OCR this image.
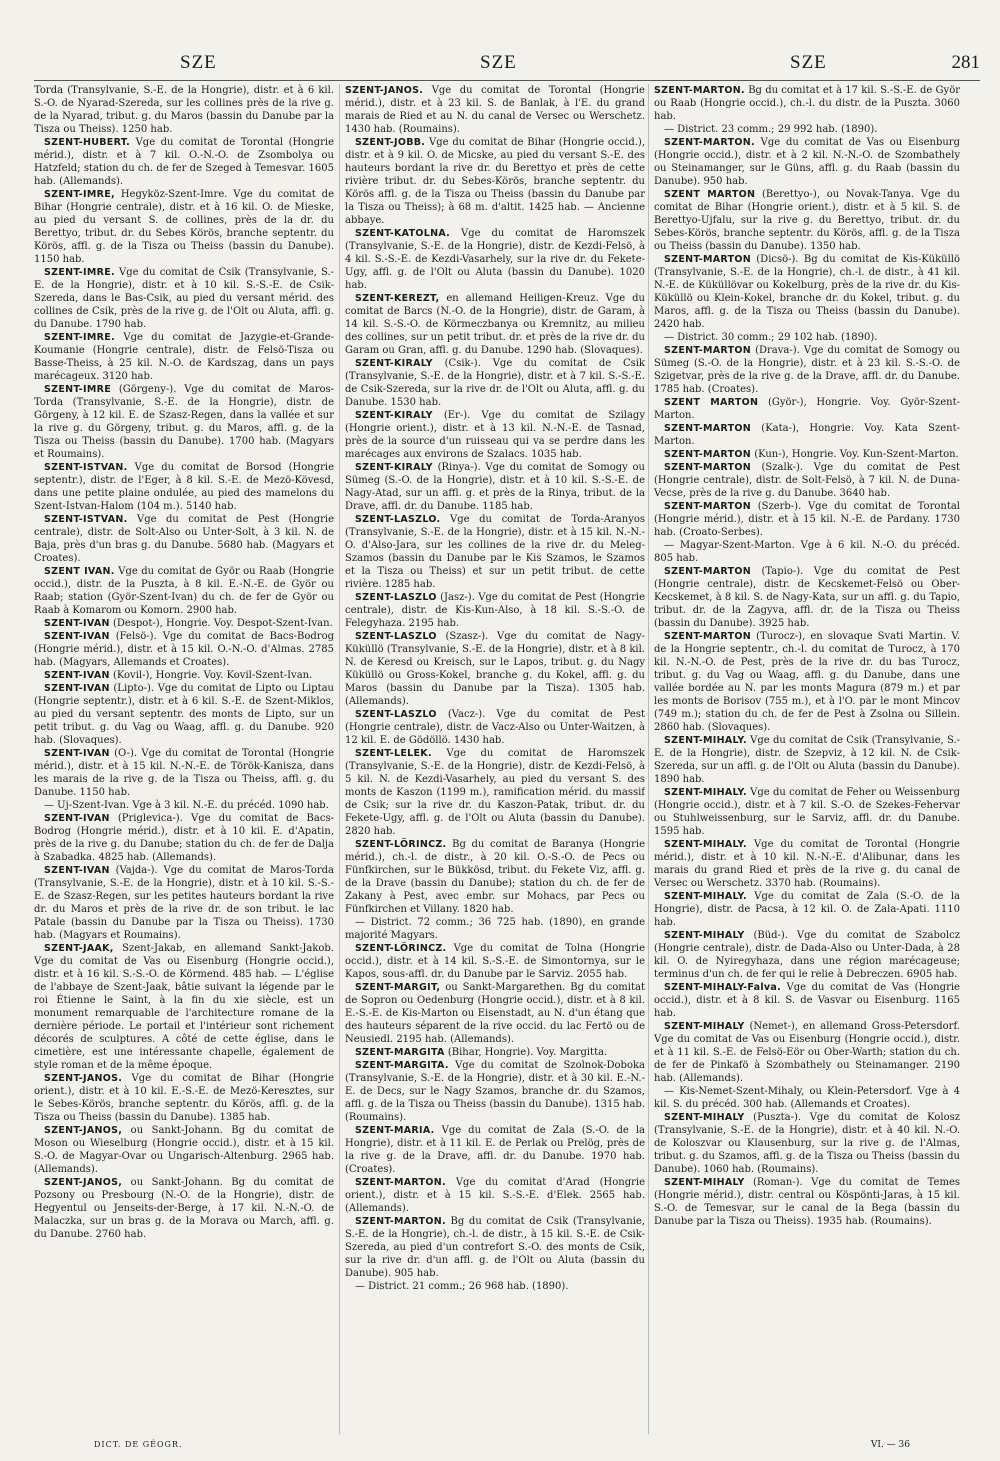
SZE	SZE	SZE	281

Torda (Transylvanie, S.-E. de la Hongrie), distr. et à 6 kil. S.-O. de Nyarad-Szereda, sur les collines près de la rive g. de la Nyarad, tribut. g. du Maros (bassin du Danube par la Tisza ou Theiss). 1250 hab.

SZENT-HUBERT. Vge du comitat de Torontal (Hongrie mérid.), distr. et à 7 kil. O.-N.-O. de Zsombolya ou Hatzfeld; station du ch. de fer de Szeged à Temesvar. 1605 hab. (Allemands).

SZENT-IMRE, Hegyköz-Szent-Imre. Vge du comitat de Bihar (Hongrie centrale), distr. et à 16 kil. O. de Mieske, au pied du versant S. de collines, près de la dr. du Berettyo, tribut. dr. du Sebes Körös, branche septentr. du Körös, affl. g. de la Tisza ou Theiss (bassin du Danube). 1150 hab.

SZENT-IMRE. Vge du comitat de Csik (Transylvanie, S.-E. de la Hongrie), distr. et à 10 kil. S.-S.-E. de Csik-Szereda, dans le Bas-Csik, au pied du versant mérid. des collines de Csik, près de la rive g. de l'Olt ou Aluta, affl. g. du Danube. 1790 hab.

SZENT-IMRE. Vge du comitat de Jazygie-et-Grande-Koumanie (Hongrie centrale), distr. de Felsö-Tisza ou Basse-Theiss, à 25 kil. N.-O. de Kardszag, dans un pays marécageux. 3120 hab.

SZENT-IMRE (Görgeny-). Vge du comitat de Maros-Torda (Transylvanie, S.-E. de la Hongrie), distr. de Görgeny, à 12 kil. E. de Szasz-Regen, dans la vallée et sur la rive g. du Görgeny, tribut. g. du Maros, affl. g. de la Tisza ou Theiss (bassin du Danube). 1700 hab. (Magyars et Roumains).

SZENT-ISTVAN. Vge du comitat de Borsod (Hongrie septentr.), distr. de l'Eger, à 8 kil. S.-E. de Mezö-Kövesd, dans une petite plaine ondulée, au pied des mamelons du Szent-Istvan-Halom (104 m.). 5140 hab.

SZENT-ISTVAN. Vge du comitat de Pest (Hongrie centrale), distr. de Solt-Also ou Unter-Solt, à 3 kil. N. de Baja, près d'un bras g. du Danube. 5680 hab. (Magyars et Croates).

SZENT IVAN. Vge du comitat de Györ ou Raab (Hongrie occid.), distr. de la Puszta, à 8 kil. E.-N.-E. de Györ ou Raab; station (Györ-Szent-Ivan) du ch. de fer de Györ ou Raab à Komarom ou Komorn. 2900 hab.

SZENT-IVAN (Despot-), Hongrie. Voy. Despot-Szent-Ivan.

SZENT-IVAN (Felsö-). Vge du comitat de Bacs-Bodrog (Hongrie mérid.), distr. et à 15 kil. O.-N.-O. d'Almas. 2785 hab. (Magyars, Allemands et Croates).

SZENT-IVAN (Kovil-), Hongrie. Voy. Kovil-Szent-Ivan.

SZENT-IVAN (Lipto-). Vge du comitat de Lipto ou Liptau (Hongrie septentr.), distr. et à 6 kil. S.-E. de Szent-Miklos, au pied du versant septentr. des monts de Lipto, sur un petit tribut. g. du Vag ou Waag, affl. g. du Danube. 920 hab. (Slovaques).

SZENT-IVAN (O-). Vge du comitat de Torontal (Hongrie mérid.), distr. et à 15 kil. N.-N.-E. de Török-Kanisza, dans les marais de la rive g. de la Tisza ou Theiss, affl. g. du Danube. 1150 hab.

— Uj-Szent-Ivan. Vge à 3 kil. N.-E. du précéd. 1090 hab.

SZENT-IVAN (Priglevica-). Vge du comitat de Bacs-Bodrog (Hongrie mérid.), distr. et à 10 kil. E. d'Apatin, près de la rive g. du Danube; station du ch. de fer de Dalja à Szabadka. 4825 hab. (Allemands).

SZENT-IVAN (Vajda-). Vge du comitat de Maros-Torda (Transylvanie, S.-E. de la Hongrie), distr. et à 10 kil. S.-S.-E. de Szasz-Regen, sur les petites hauteurs bordant la rive dr. du Maros et près de la rive dr. de son tribut. le lac Patale (bassin du Danube par la Tisza ou Theiss). 1730 hab. (Magyars et Roumains).

SZENT-JAAK, Szent-Jakab, en allemand Sankt-Jakob. Vge du comitat de Vas ou Eisenburg (Hongrie occid.), distr. et à 16 kil. S.-S.-O. de Körmend. 485 hab. — L'église de l'abbaye de Szent-Jaak, bâtie suivant la légende par le roi Étienne le Saint, à la fin du xie siècle, est un monument remarquable de l'architecture romane de la dernière période. Le portail et l'intérieur sont richement décorés de sculptures. A côté de cette église, dans le cimetière, est une intéressante chapelle, également de style roman et de la même époque.

SZENT-JANOS. Vge du comitat de Bihar (Hongrie orient.), distr. et à 10 kil. E.-S.-E. de Mezö-Keresztes, sur le Sebes-Körös, branche septentr. du Körös, affl. g. de la Tisza ou Theiss (bassin du Danube). 1385 hab.

SZENT-JANOS, ou Sankt-Johann. Bg du comitat de Moson ou Wieselburg (Hongrie occid.), distr. et à 15 kil. S.-O. de Magyar-Ovar ou Ungarisch-Altenburg. 2965 hab. (Allemands).

SZENT-JANOS, ou Sankt-Johann. Bg du comitat de Pozsony ou Presbourg (N.-O. de la Hongrie), distr. de Hegyentul ou Jenseits-der-Berge, à 17 kil. N.-N.-O. de Malaczka, sur un bras g. de la Morava ou March, affl. g. du Danube. 2760 hab.

SZENT-JANOS. Vge du comitat de Torontal (Hongrie mérid.), distr. et à 23 kil. S. de Banlak, à l'E. du grand marais de Ried et au N. du canal de Versec ou Werschetz. 1430 hab. (Roumains).

SZENT-JOBB. Vge du comitat de Bihar (Hongrie occid.), distr. et à 9 kil. O. de Micske, au pied du versant S.-E. des hauteurs bordant la rive dr. du Berettyo et près de cette rivière tribut. dr. du Sebes-Körös, branche septentr. du Körös affl. g. de la Tisza ou Theiss (bassin du Danube par la Tisza ou Theiss); à 68 m. d'altit. 1425 hab. — Ancienne abbaye.

SZENT-KATOLNA. Vge du comitat de Haromszek (Transylvanie, S.-E. de la Hongrie), distr. de Kezdi-Felsö, à 4 kil. S.-S.-E. de Kezdi-Vasarhely, sur la rive dr. du Fekete-Ugy, affl. g. de l'Olt ou Aluta (bassin du Danube). 1020 hab.

SZENT-KEREZT, en allemand Heiligen-Kreuz. Vge du comitat de Barcs (N.-O. de la Hongrie), distr. de Garam, à 14 kil. S.-S.-O. de Körmeczbanya ou Kremnitz, au milieu des collines, sur un petit tribut. dr. et près de la rive dr. du Garam ou Gran, affl. g. du Danube. 1290 hab. (Slovaques).

SZENT-KIRALY (Csik-). Vge du comitat de Csik (Transylvanie, S.-E. de la Hongrie), distr. et à 7 kil. S.-S.-E. de Csik-Szereda, sur la rive dr. de l'Olt ou Aluta, affl. g. du Danube. 1530 hab.

SZENT-KIRALY (Er-). Vge du comitat de Szilagy (Hongrie orient.), distr. et à 13 kil. N.-N.-E. de Tasnad, près de la source d'un ruisseau qui va se perdre dans les marécages aux environs de Szalacs. 1035 hab.

SZENT-KIRALY (Rinya-). Vge du comitat de Somogy ou Sümeg (S.-O. de la Hongrie), distr. et à 10 kil. S.-S.-E. de Nagy-Atad, sur un affl. g. et près de la Rinya, tribut. de la Drave, affl. dr. du Danube. 1185 hab.

SZENT-LASZLO. Vge du comitat de Torda-Aranyos (Transylvanie, S.-E. de la Hongrie), distr. et à 15 kil. N.-N.-O. d'Also-Jara, sur les collines de la rive dr. du Meleg-Szamos (bassin du Danube par le Kis Szamos, le Szamos et la Tisza ou Theiss) et sur un petit tribut. de cette rivière. 1285 hab.

SZENT-LASZLO (Jasz-). Vge du comitat de Pest (Hongrie centrale), distr. de Kis-Kun-Also, à 18 kil. S.-S.-O. de Felegyhaza. 2195 hab.

SZENT-LASZLO (Szasz-). Vge du comitat de Nagy-Küküllö (Transylvanie, S.-E. de la Hongrie), distr. et à 8 kil. N. de Keresd ou Kreisch, sur le Lapos, tribut. g. du Nagy Küküllö ou Gross-Kokel, branche g. du Kokel, affl. g. du Maros (bassin du Danube par la Tisza). 1305 hab. (Allemands).

SZENT-LASZLO (Vacz-). Vge du comitat de Pest (Hongrie centrale), distr. de Vacz-Also ou Unter-Waitzen, à 12 kil. E. de Gödöllö. 1430 hab.

SZENT-LELEK. Vge du comitat de Haromszek (Transylvanie, S.-E. de la Hongrie), distr. de Kezdi-Felsö, à 5 kil. N. de Kezdi-Vasarhely, au pied du versant S. des monts de Kaszon (1199 m.), ramification mérid. du massif de Csik; sur la rive dr. du Kaszon-Patak, tribut. dr. du Fekete-Ugy, affl. g. de l'Olt ou Aluta (bassin du Danube). 2820 hab.

SZENT-LÖRINCZ. Bg du comitat de Baranya (Hongrie mérid.), ch.-l. de distr., à 20 kil. O.-S.-O. de Pecs ou Fünfkirchen, sur le Bükkösd, tribut. du Fekete Viz, affl. g. de la Drave (bassin du Danube); station du ch. de fer de Zakany à Pest, avec embr. sur Mohacs, par Pecs ou Fünfkirchen et Villany. 1820 hab.

— District. 72 comm.; 36 725 hab. (1890), en grande majorité Magyars.

SZENT-LÖRINCZ. Vge du comitat de Tolna (Hongrie occid.), distr. et à 14 kil. S.-S.-E. de Simontornya, sur le Kapos, sous-affl. dr. du Danube par le Sarviz. 2055 hab.

SZENT-MARGIT, ou Sankt-Margarethen. Bg du comitat de Sopron ou Oedenburg (Hongrie occid.), distr. et à 8 kil. E.-S.-E. de Kis-Marton ou Eisenstadt, au N. d'un étang que des hauteurs séparent de la rive occid. du lac Fertö ou de Neusiedl. 2195 hab. (Allemands).

SZENT-MARGITA (Bihar, Hongrie). Voy. Margitta.

SZENT-MARGITA. Vge du comitat de Szolnok-Doboka (Transylvanie, S.-E. de la Hongrie), distr. et à 30 kil. E.-N.-E. de Decs, sur le Nagy Szamos, branche dr. du Szamos, affl. g. de la Tisza ou Theiss (bassin du Danube). 1315 hab. (Roumains).

SZENT-MARIA. Vge du comitat de Zala (S.-O. de la Hongrie), distr. et à 11 kil. E. de Perlak ou Prelög, près de la rive g. de la Drave, affl. dr. du Danube. 1970 hab. (Croates).

SZENT-MARTON. Vge du comitat d'Arad (Hongrie orient.), distr. et à 15 kil. S.-S.-E. d'Elek. 2565 hab. (Allemands).

SZENT-MARTON. Bg du comitat de Csik (Transylvanie, S.-E. de la Hongrie), ch.-l. de distr., à 15 kil. S.-E. de Csik-Szereda, au pied d'un contrefort S.-O. des monts de Csik, sur la rive dr. d'un affl. g. de l'Olt ou Aluta (bassin du Danube). 905 hab.

— District. 21 comm.; 26 968 hab. (1890).

SZENT-MARTON. Bg du comitat et à 17 kil. S.-S.-E. de Györ ou Raab (Hongrie occid.), ch.-l. du distr. de la Puszta. 3060 hab.

— District. 23 comm.; 29 992 hab. (1890).

SZENT-MARTON. Vge du comitat de Vas ou Eisenburg (Hongrie occid.), distr. et à 2 kil. N.-N.-O. de Szombathely ou Steinamanger, sur le Güns, affl. g. du Raab (bassin du Danube). 950 hab.

SZENT MARTON (Berettyo-), ou Novak-Tanya. Vge du comitat de Bihar (Hongrie orient.), distr. et à 5 kil. S. de Berettyo-Ujfalu, sur la rive g. du Berettyo, tribut. dr. du Sebes-Körös, branche septentr. du Körös, affl. g. de la Tisza ou Theiss (bassin du Danube). 1350 hab.

SZENT-MARTON (Dicsö-). Bg du comitat de Kis-Küküllö (Transylvanie, S.-E. de la Hongrie), ch.-l. de distr., à 41 kil. N.-E. de Küküllövar ou Kokelburg, près de la rive dr. du Kis-Küküllö ou Klein-Kokel, branche dr. du Kokel, tribut. g. du Maros, affl. g. de la Tisza ou Theiss (bassin du Danube). 2420 hab.

— District. 30 comm.; 29 102 hab. (1890).

SZENT-MARTON (Drava-). Vge du comitat de Somogy ou Sümeg (S.-O. de la Hongrie), distr. et à 23 kil. S.-S.-O. de Szigetvar, près de la rive g. de la Drave, affl. dr. du Danube. 1785 hab. (Croates).

SZENT MARTON (Györ-), Hongrie. Voy. Györ-Szent-Marton.

SZENT-MARTON (Kata-), Hongrie. Voy. Kata Szent-Marton.

SZENT-MARTON (Kun-), Hongrie. Voy. Kun-Szent-Marton.

SZENT-MARTON (Szalk-). Vge du comitat de Pest (Hongrie centrale), distr. de Solt-Felsö, à 7 kil. N. de Duna-Vecse, près de la rive g. du Danube. 3640 hab.

SZENT-MARTON (Szerb-). Vge du comitat de Torontal (Hongrie mérid.), distr. et à 15 kil. N.-E. de Pardany. 1730 hab. (Croato-Serbes).

— Magyar-Szent-Marton. Vge à 6 kil. N.-O. du précéd. 805 hab.

SZENT-MARTON (Tapio-). Vge du comitat de Pest (Hongrie centrale), distr. de Kecskemet-Felsö ou Ober-Kecskemet, à 8 kil. S. de Nagy-Kata, sur un affl. g. du Tapio, tribut. dr. de la Zagyva, affl. dr. de la Tisza ou Theiss (bassin du Danube). 3925 hab.

SZENT-MARTON (Turocz-), en slovaque Svati Martin. V. de la Hongrie septentr., ch.-l. du comitat de Turocz, à 170 kil. N.-N.-O. de Pest, près de la rive dr. du bas Turocz, tribut. g. du Vag ou Waag, affl. g. du Danube, dans une vallée bordée au N. par les monts Magura (879 m.) et par les monts de Borisov (755 m.), et à l'O. par le mont Mincov (749 m.); station du ch. de fer de Pest à Zsolna ou Sillein. 2860 hab. (Slovaques).

SZENT-MIHALY. Vge du comitat de Csik (Transylvanie, S.-E. de la Hongrie), distr. de Szepviz, à 12 kil. N. de Csik-Szereda, sur un affl. g. de l'Olt ou Aluta (bassin du Danube). 1890 hab.

SZENT-MIHALY. Vge du comitat de Feher ou Weissenburg (Hongrie occid.), distr. et à 7 kil. S.-O. de Szekes-Fehervar ou Stuhlweissenburg, sur le Sarviz, affl. dr. du Danube. 1595 hab.

SZENT-MIHALY. Vge du comitat de Torontal (Hongrie mérid.), distr. et à 10 kil. N.-N.-E. d'Alibunar, dans les marais du grand Ried et près de la rive g. du canal de Versec ou Werschetz. 3370 hab. (Roumains).

SZENT-MIHALY. Vge du comitat de Zala (S.-O. de la Hongrie), distr. de Pacsa, à 12 kil. O. de Zala-Apati. 1110 hab.

SZENT-MIHALY (Büd-). Vge du comitat de Szabolcz (Hongrie centrale), distr. de Dada-Also ou Unter-Dada, à 28 kil. O. de Nyiregyhaza, dans une région marécageuse; terminus d'un ch. de fer qui le relie à Debreczen. 6905 hab.

SZENT-MIHALY-Falva. Vge du comitat de Vas (Hongrie occid.), distr. et à 8 kil. S. de Vasvar ou Eisenburg. 1165 hab.

SZENT-MIHALY (Nemet-), en allemand Gross-Petersdorf. Vge du comitat de Vas ou Eisenburg (Hongrie occid.), distr. et à 11 kil. S.-E. de Felsö-Eör ou Ober-Warth; station du ch. de fer de Pinkafö à Szombathely ou Steinamanger. 2190 hab. (Allemands).

— Kis-Nemet-Szent-Mihaly, ou Klein-Petersdorf. Vge à 4 kil. S. du précéd. 300 hab. (Allemands et Croates).

SZENT-MIHALY (Puszta-). Vge du comitat de Kolosz (Transylvanie, S.-E. de la Hongrie), distr. et à 40 kil. N.-O. de Koloszvar ou Klausenburg, sur la rive g. de l'Almas, tribut. g. du Szamos, affl. g. de la Tisza ou Theiss (bassin du Danube). 1060 hab. (Roumains).

SZENT-MIHALY (Roman-). Vge du comitat de Temes (Hongrie mérid.), distr. central ou Köspönti-Jaras, à 15 kil. S.-O. de Temesvar, sur le canal de la Bega (bassin du Danube par la Tisza ou Theiss). 1935 hab. (Roumains).

DICT. DE GÉOGR.	VI. — 36
